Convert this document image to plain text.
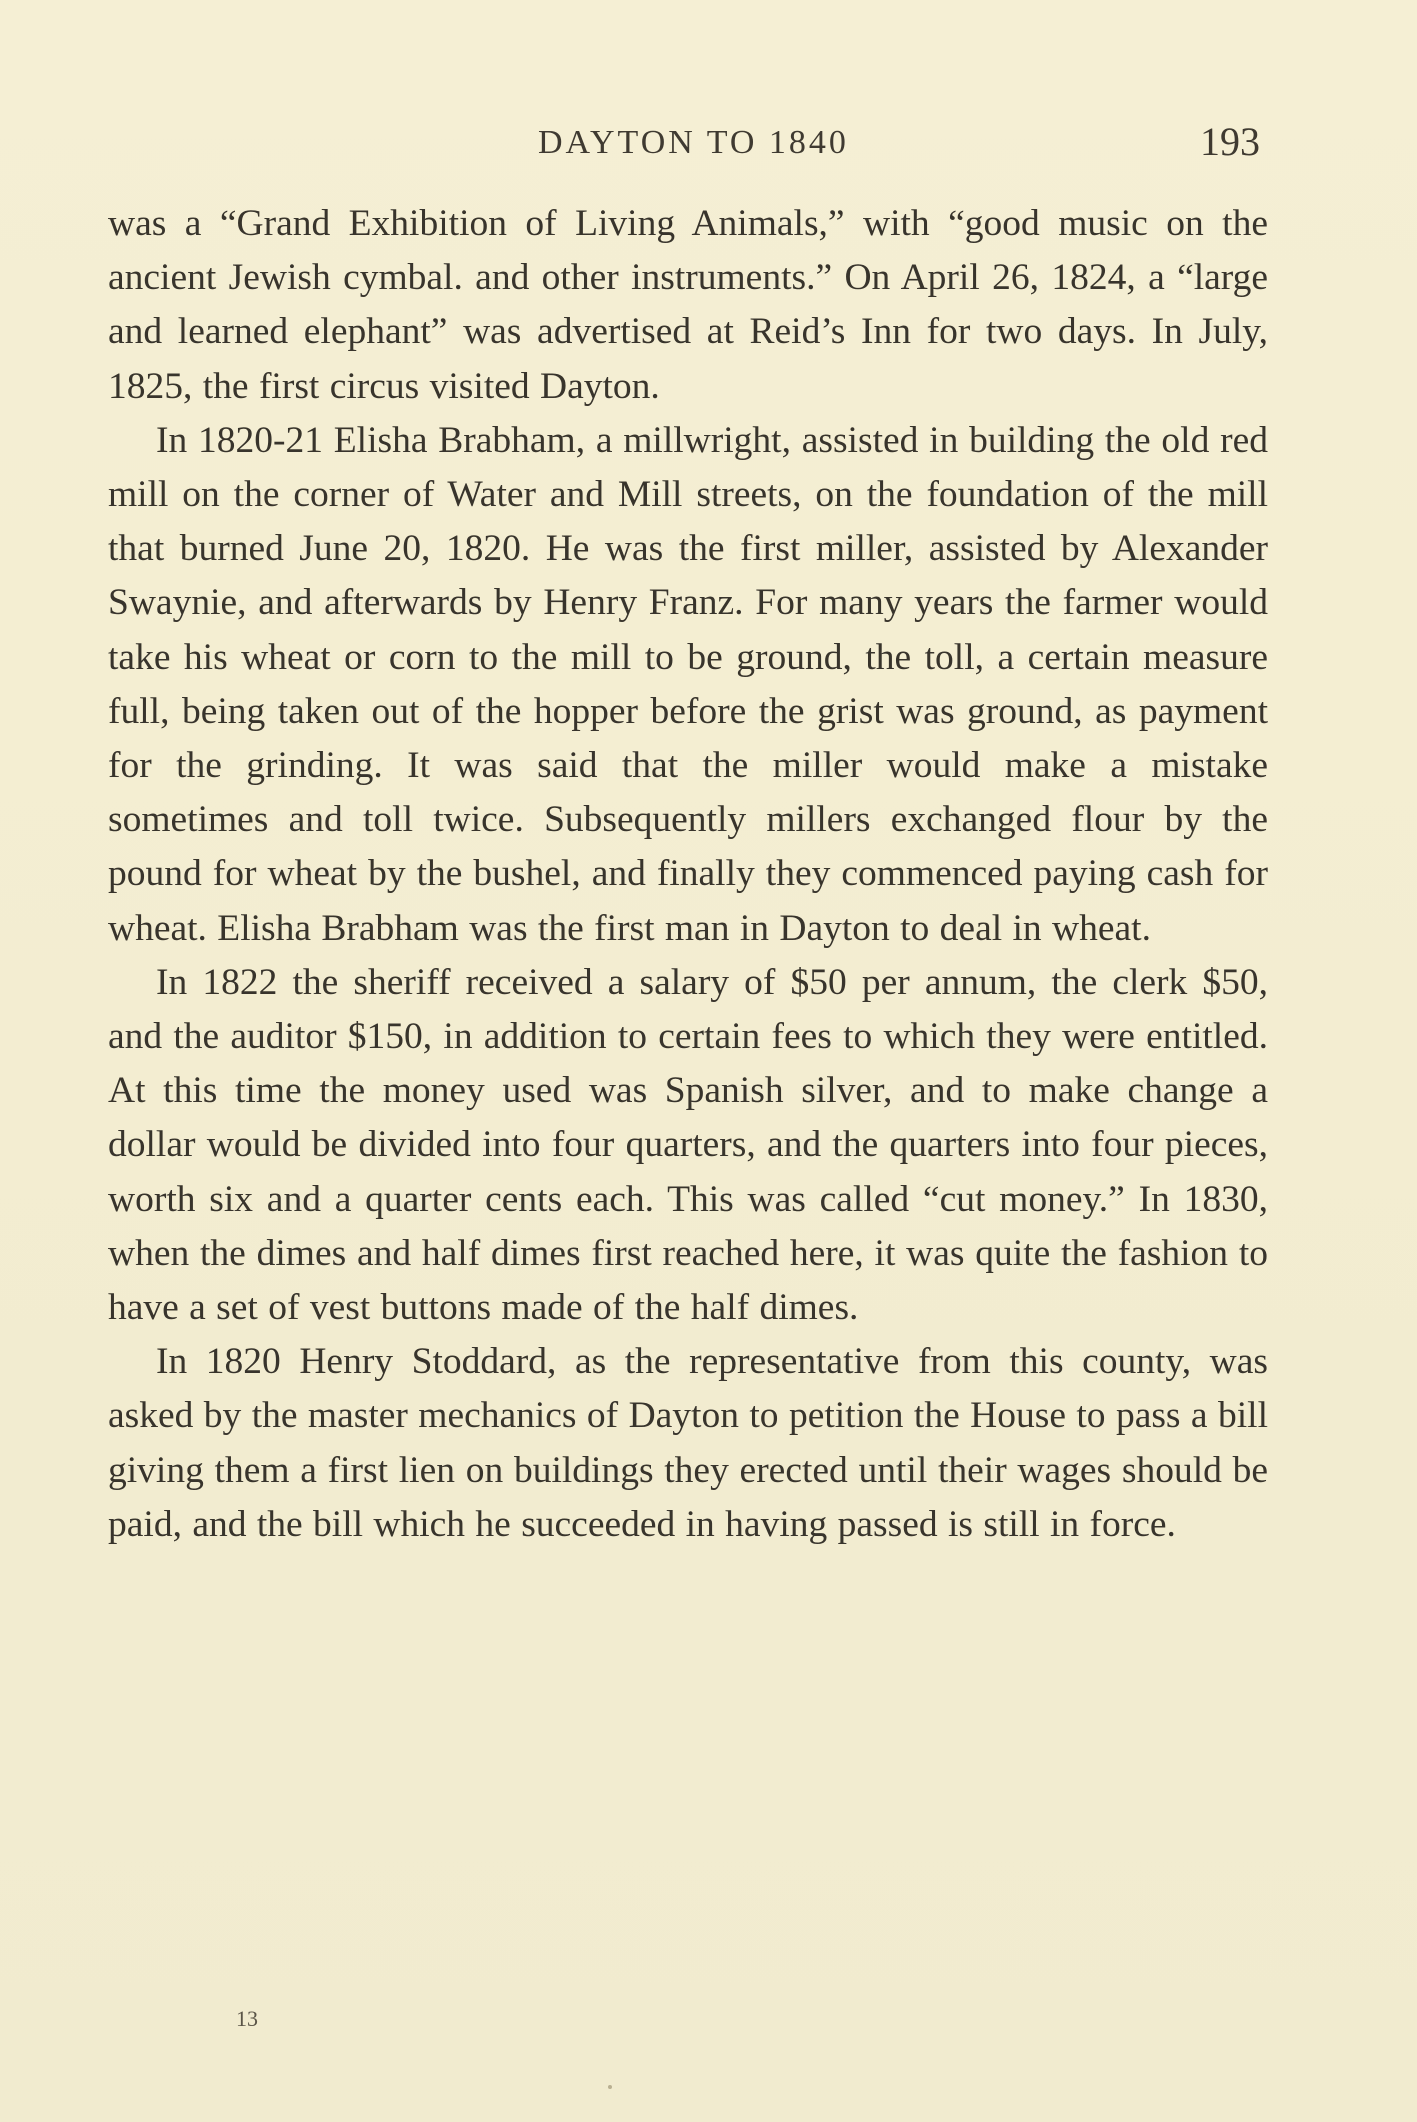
DAYTON TO 1840	193

was a “Grand Exhibition of Living Animals,” with “good music on the ancient Jewish cymbal. and other instruments.” On April 26, 1824, a “large and learned elephant” was advertised at Reid’s Inn for two days. In July, 1825, the first circus visited Dayton.

In 1820-21 Elisha Brabham, a millwright, assisted in building the old red mill on the corner of Water and Mill streets, on the foundation of the mill that burned June 20, 1820. He was the first miller, assisted by Alexander Swaynie, and afterwards by Henry Franz. For many years the farmer would take his wheat or corn to the mill to be ground, the toll, a certain measure full, being taken out of the hopper before the grist was ground, as payment for the grinding. It was said that the miller would make a mistake sometimes and toll twice. Subsequently millers exchanged flour by the pound for wheat by the bushel, and finally they commenced paying cash for wheat. Elisha Brabham was the first man in Dayton to deal in wheat.

In 1822 the sheriff received a salary of $50 per annum, the clerk $50, and the auditor $150, in addition to certain fees to which they were entitled. At this time the money used was Spanish silver, and to make change a dollar would be divided into four quarters, and the quarters into four pieces, worth six and a quarter cents each. This was called “cut money.” In 1830, when the dimes and half dimes first reached here, it was quite the fashion to have a set of vest buttons made of the half dimes.

In 1820 Henry Stoddard, as the representative from this county, was asked by the master mechanics of Dayton to petition the House to pass a bill giving them a first lien on buildings they erected until their wages should be paid, and the bill which he succeeded in having passed is still in force.

13
